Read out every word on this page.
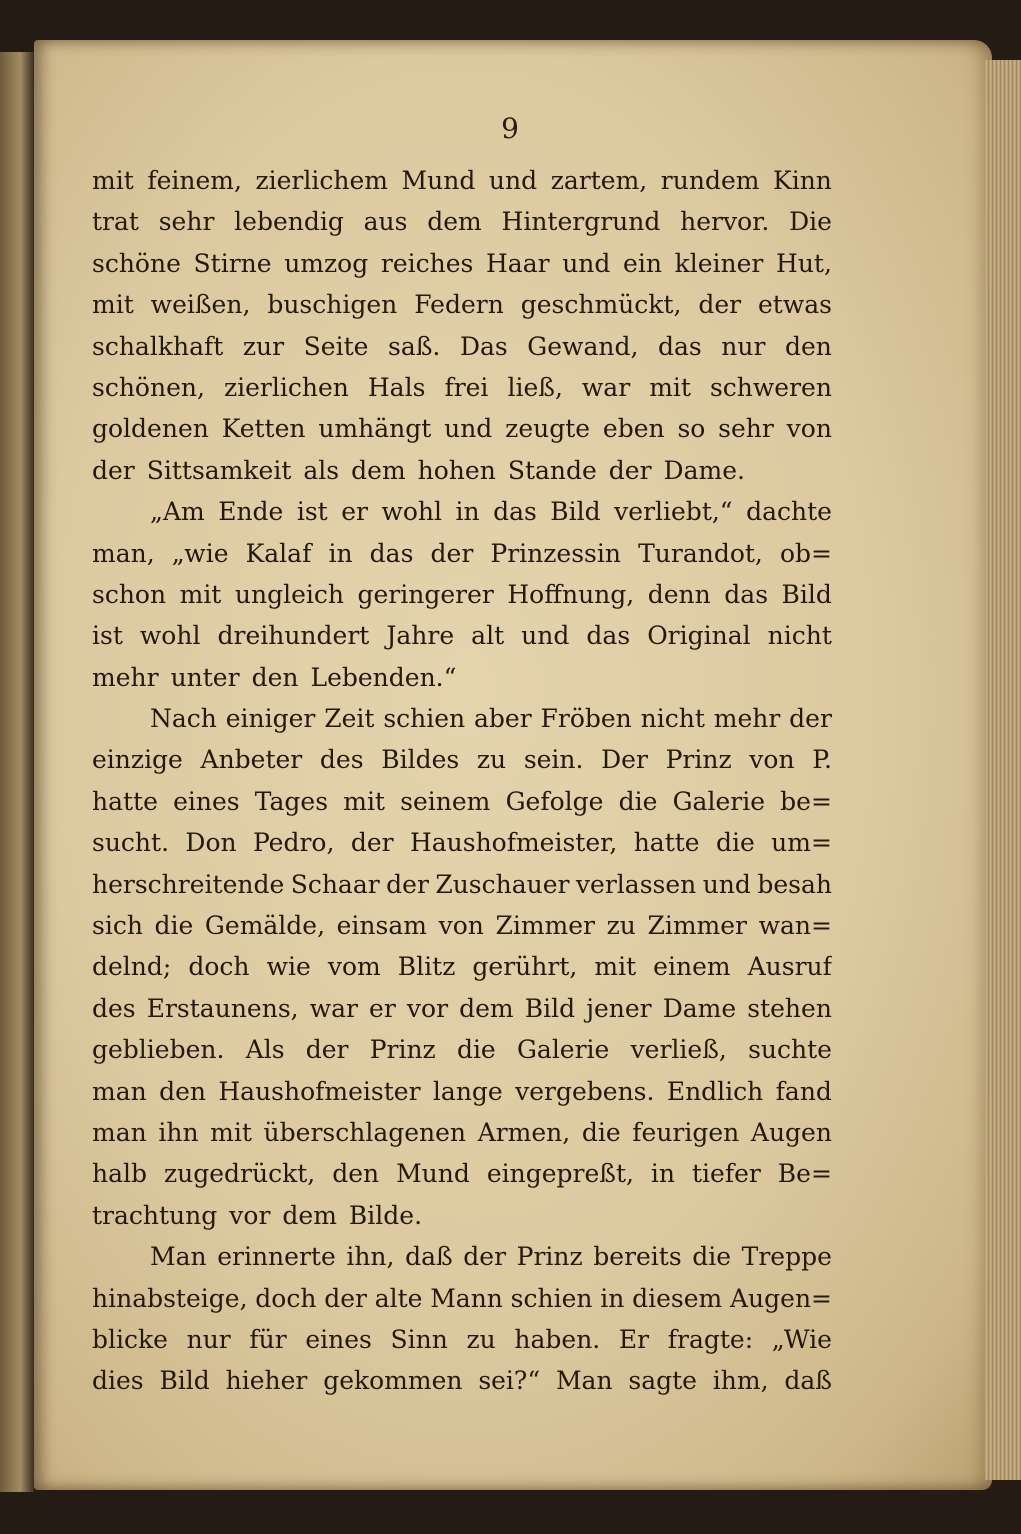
9
mit feinem, zierlichem Mund und zartem, rundem Kinn
trat sehr lebendig aus dem Hintergrund hervor. Die
schöne Stirne umzog reiches Haar und ein kleiner Hut,
mit weißen, buschigen Federn geschmückt, der etwas
schalkhaft zur Seite saß. Das Gewand, das nur den
schönen, zierlichen Hals frei ließ, war mit schweren
goldenen Ketten umhängt und zeugte eben so sehr von
der Sittsamkeit als dem hohen Stande der Dame.
„Am Ende ist er wohl in das Bild verliebt,“ dachte
man, „wie Kalaf in das der Prinzessin Turandot, ob=
schon mit ungleich geringerer Hoffnung, denn das Bild
ist wohl dreihundert Jahre alt und das Original nicht
mehr unter den Lebenden.“
Nach einiger Zeit schien aber Fröben nicht mehr der
einzige Anbeter des Bildes zu sein. Der Prinz von P.
hatte eines Tages mit seinem Gefolge die Galerie be=
sucht. Don Pedro, der Haushofmeister, hatte die um=
herschreitende Schaar der Zuschauer verlassen und besah
sich die Gemälde, einsam von Zimmer zu Zimmer wan=
delnd; doch wie vom Blitz gerührt, mit einem Ausruf
des Erstaunens, war er vor dem Bild jener Dame stehen
geblieben. Als der Prinz die Galerie verließ, suchte
man den Haushofmeister lange vergebens. Endlich fand
man ihn mit überschlagenen Armen, die feurigen Augen
halb zugedrückt, den Mund eingepreßt, in tiefer Be=
trachtung vor dem Bilde.
Man erinnerte ihn, daß der Prinz bereits die Treppe
hinabsteige, doch der alte Mann schien in diesem Augen=
blicke nur für eines Sinn zu haben. Er fragte: „Wie
dies Bild hieher gekommen sei?“ Man sagte ihm, daß
